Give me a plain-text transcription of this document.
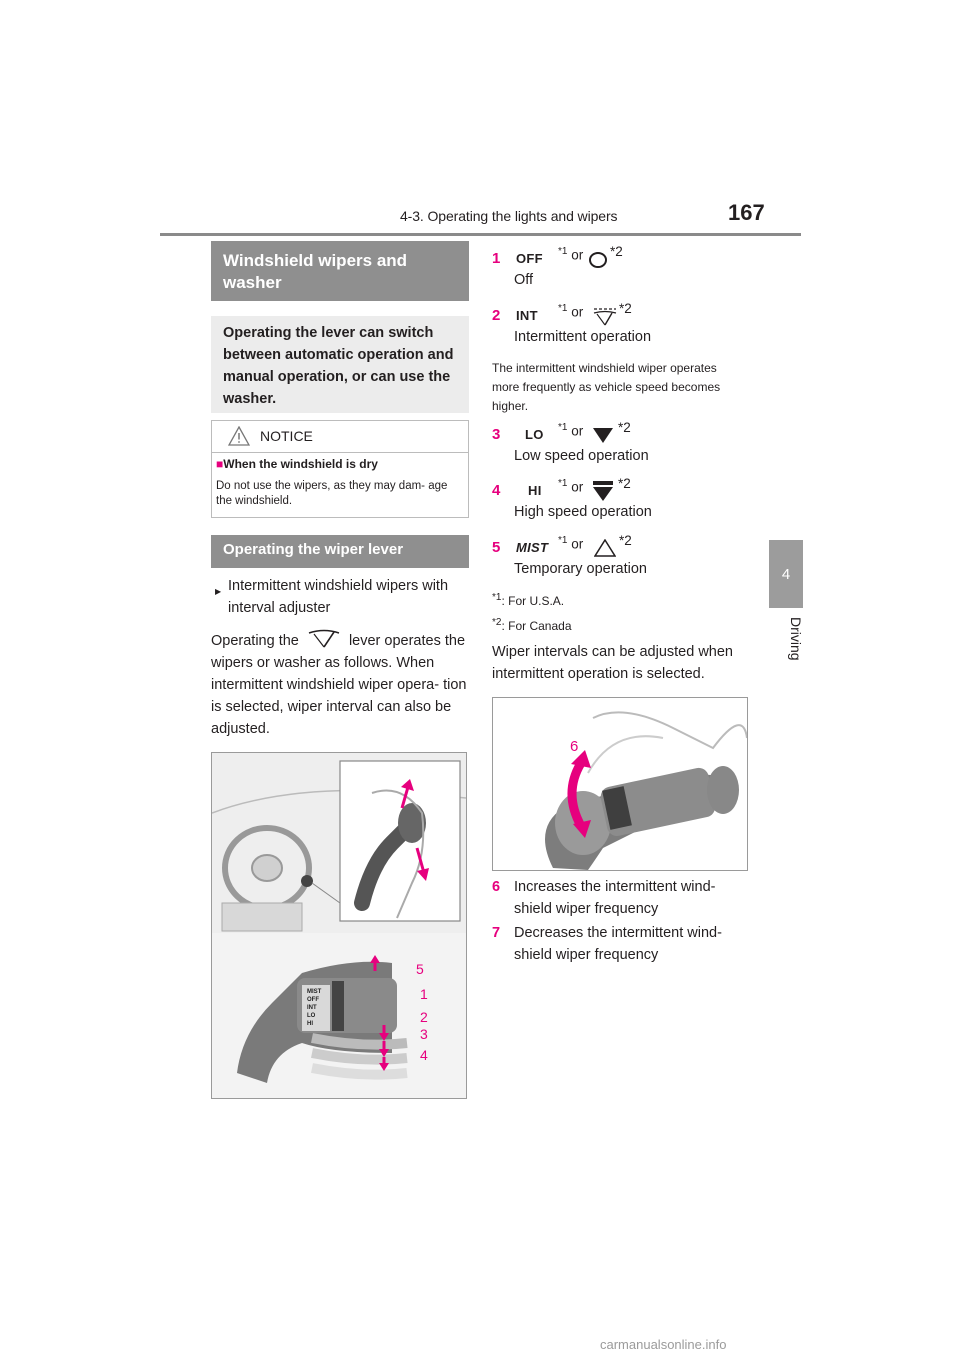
4-3. Operating the lights and wipers	167
4
Driving
Windshield wipers and washer
Operating the lever can switch between automatic operation and manual operation, or can use the washer.
NOTICE
■When the windshield is dry
Do not use the wipers, as they may dam- age the windshield.
Operating the wiper lever
▶ Intermittent windshield wipers with interval adjuster
Operating the	lever operates the wipers or washer as follows. When intermittent windshield wiper opera- tion is selected, wiper interval can also be adjusted.
MIST
OFF
INT
LO
HI
5
1
2
3
4
1 OFF $^{*1}$ or *2
Off
2 INT $^{*1}$ or	*2
Intermittent operation
The intermittent windshield wiper operates more frequently as vehicle speed becomes higher.
3 LO $^{*1}$ or	*2
Low speed operation
4 HI $^{*1}$ or	*2
High speed operation
5 MIST $^{*1}$ or	*2
Temporary operation
$^{*1}$: For U.S.A.
$^{*2}$: For Canada
Wiper intervals can be adjusted when intermittent operation is selected.
6
7
6 Increases the intermittent wind- shield wiper frequency
7 Decreases the intermittent wind- shield wiper frequency
carmanualsonline.info
